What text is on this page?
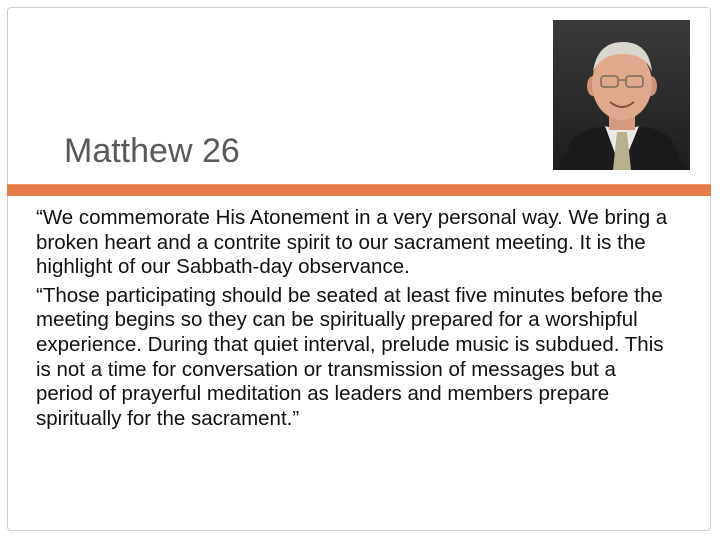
Matthew 26

“We commemorate His Atonement in a very personal way. We bring a broken heart and a contrite spirit to our sacrament meeting. It is the highlight of our Sabbath-day observance.

“Those participating should be seated at least five minutes before the meeting begins so they can be spiritually prepared for a worshipful experience. During that quiet interval, prelude music is subdued. This is not a time for conversation or transmission of messages but a period of prayerful meditation as leaders and members prepare spiritually for the sacrament.”
